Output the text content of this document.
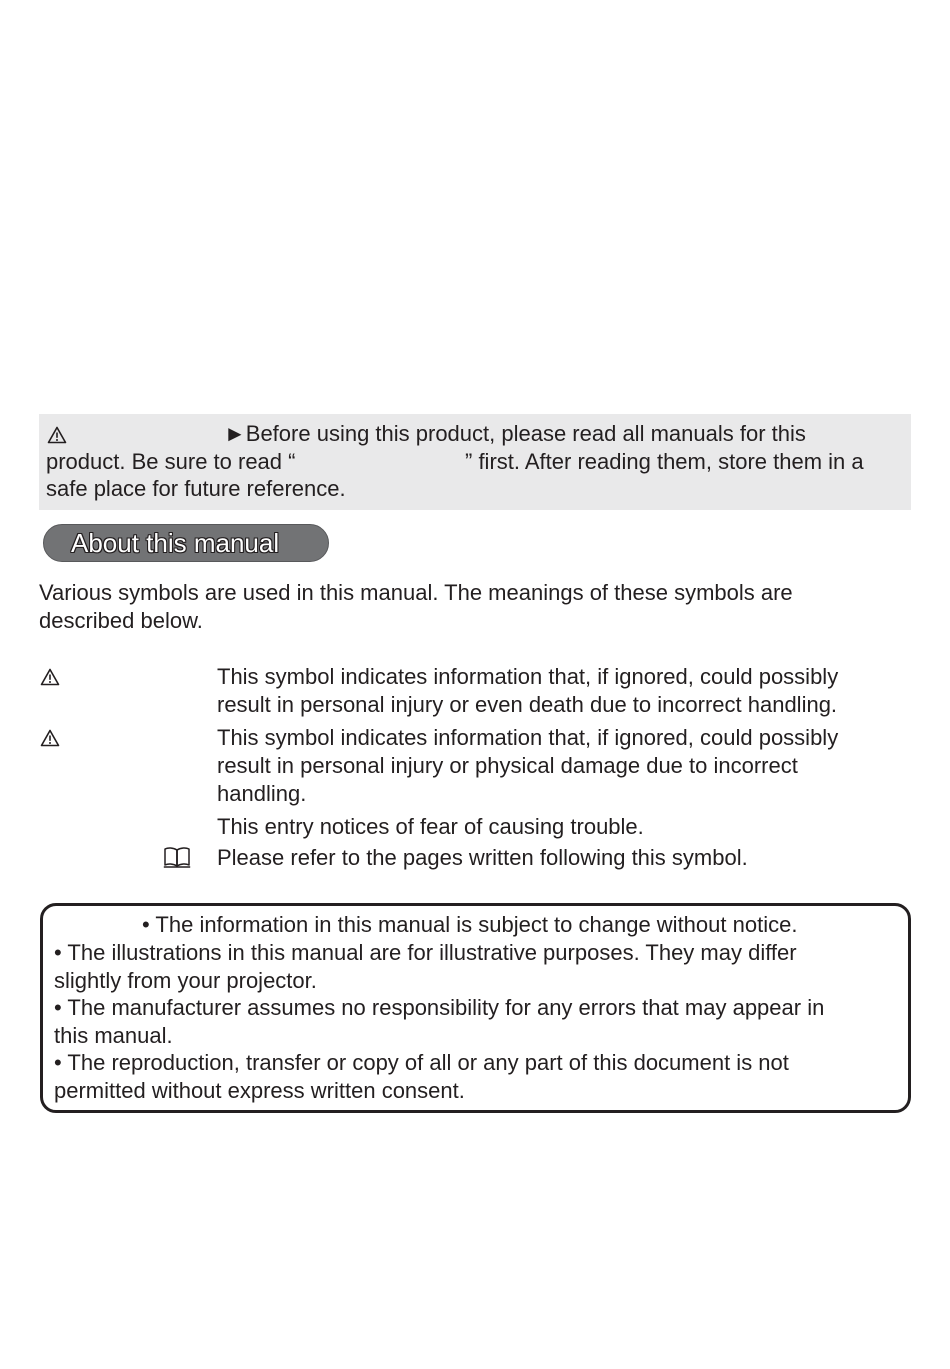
►Before using this product, please read all manuals for this
product. Be sure to read “	” first. After reading them, store them in a
safe place for future reference.
About this manual
Various symbols are used in this manual. The meanings of these symbols are
described below.
This symbol indicates information that, if ignored, could possibly
result in personal injury or even death due to incorrect handling.
This symbol indicates information that, if ignored, could possibly
result in personal injury or physical damage due to incorrect
handling.
This entry notices of fear of causing trouble.
Please refer to the pages written following this symbol.
• The information in this manual is subject to change without notice.
• The illustrations in this manual are for illustrative purposes. They may differ
slightly from your projector.
• The manufacturer assumes no responsibility for any errors that may appear in
this manual.
• The reproduction, transfer or copy of all or any part of this document is not
permitted without express written consent.
